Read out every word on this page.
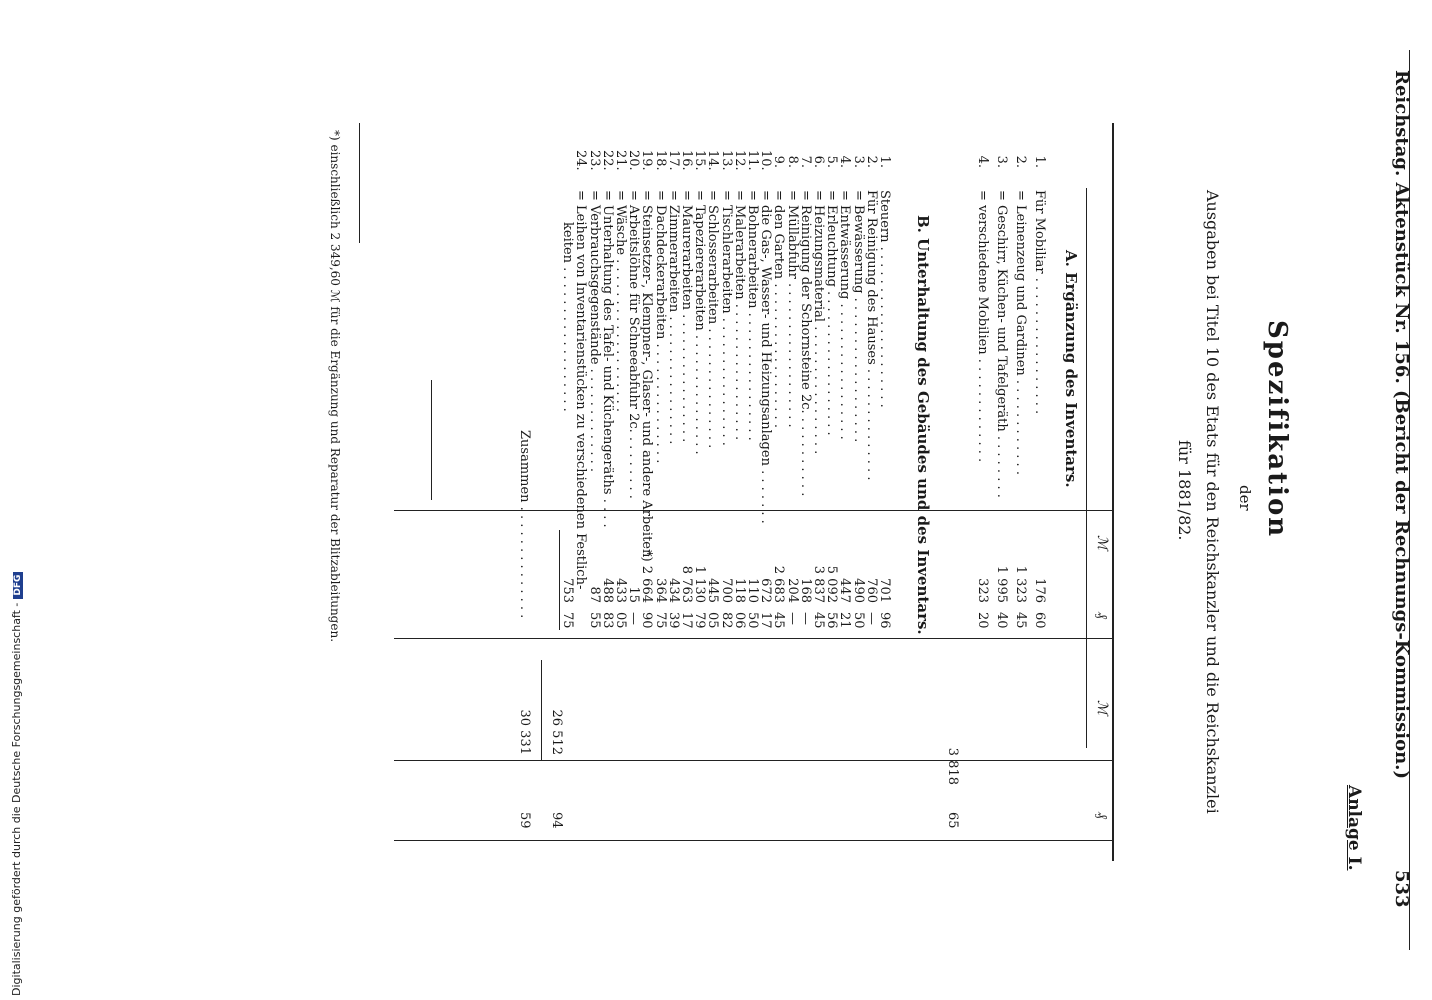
Reichstag. Aktenstück Nr. 156. (Bericht der Rechnungs-Kommission.)
533
Anlage I.
Spezifikation
der
Ausgaben bei Titel 10 des Etats für den Reichskanzler und die Reichskanzlei
für 1881/82.
ℳ
₰
ℳ
₰
A. Ergänzung des Inventars.
1.
Für Mobiliar . . . . . . . . . . . . . . . . .
176
60
2.
= Leinenzeug und Gardinen . . . . . . . . . . . .
1 323
45
3.
= Geschirr, Küchen- und Tafelgeräth . . . . . . . .
1 995
40
4.
= verschiedene Mobilien . . . . . . . . . . . . .
323
20
3 818
65
B. Unterhaltung des Gebäudes und des Inventars.
1.
Steuern . . . . . . . . . . . . . . . . . . . .
701
96
2.
Für Reinigung des Hauses . . . . . . . . . . . . . .
760
—
3.
= Bewässerung . . . . . . . . . . . . . . . . . .
490
50
4.
= Entwässerung . . . . . . . . . . . . . . . . .
447
21
5.
= Erleuchtung . . . . . . . . . . . . . . . . . .
5 092
56
6.
= Heizungsmaterial . . . . . . . . . . . . . . . .
3 837
45
7.
= Reinigung der Schornsteine 2c. . . . . . . . . . .
168
—
8.
= Müllabfuhr . . . . . . . . . . . . . . . . . .
204
—
9.
= den Garten . . . . . . . . . . . . . . . . . .
2 683
45
10.
= die Gas-, Wasser- und Heizungsanlagen . . . . . . .
672
17
11.
= Bohnerarbeiten . . . . . . . . . . . . . . . .
110
50
12.
= Malerarbeiten . . . . . . . . . . . . . . . . .
118
06
13.
= Tischlerarbeiten . . . . . . . . . . . . . . . .
700
82
14.
= Schlosserarbeiten . . . . . . . . . . . . . . .
445
05
15.
= Tapeziererarbeiten . . . . . . . . . . . . . . .
1 130
79
16.
= Maurerarbeiten . . . . . . . . . . . . . . . .
8 763
17
17.
= Zimmerarbeiten . . . . . . . . . . . . . . . .
434
39
18.
= Dachdeckerarbeiten . . . . . . . . . . . . . . .
364
75
19.
= Steinsetzer-, Klempner-, Glaser- und andere Arbeiten
*) 2 664
90
20.
= Arbeitslöhne für Schneeabfuhr 2c. . . . . . . . .
15
—
21.
= Wäsche . . . . . . . . . . . . . . . . . . .
433
05
22.
= Unterhaltung des Tafel- und Küchengeräths . . . .
488
83
23.
= Verbrauchsgegenstände . . . . . . . . . . . . .
87
55
24.
= Leihen von Inventarienstücken zu verschiedenen Festlich-
keiten . . . . . . . . . . . . . . . . . .
753
75
26 512
94
Zusammen . . . . . . . . . . . . . .
30 331
59
*) einschließlich 2 349,60 ℳ für die Ergänzung und Reparatur der Blitzableitungen.
Digitalisierung gefördert durch die Deutsche Forschungsgemeinschaft -DFG
